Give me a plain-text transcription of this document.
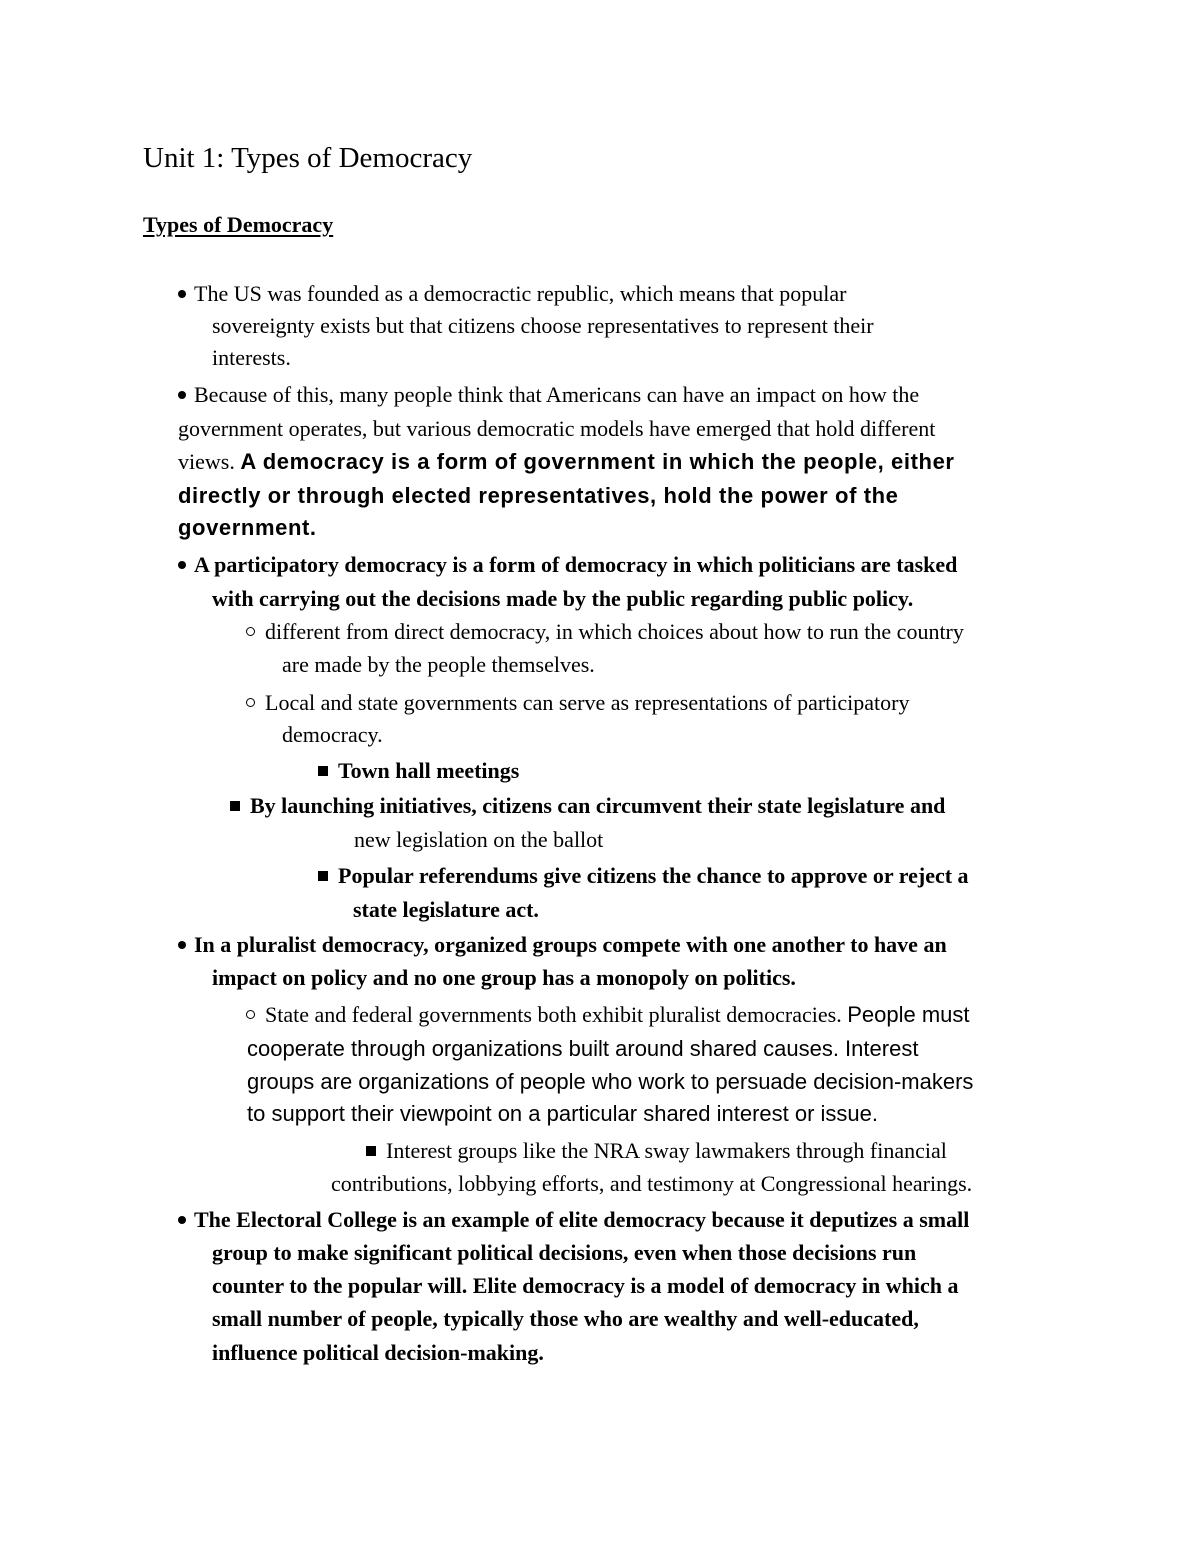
Unit 1: Types of Democracy
Types of Democracy
The US was founded as a democractic republic, which means that popular
sovereignty exists but that citizens choose representatives to represent their
interests.
Because of this, many people think that Americans can have an impact on how the
government operates, but various democratic models have emerged that hold different
views. A democracy is a form of government in which the people, either
directly or through elected representatives, hold the power of the
government.
A participatory democracy is a form of democracy in which politicians are tasked
with carrying out the decisions made by the public regarding public policy.
different from direct democracy, in which choices about how to run the country
are made by the people themselves.
Local and state governments can serve as representations of participatory
democracy.
Town hall meetings
By launching initiatives, citizens can circumvent their state legislature and
new legislation on the ballot
Popular referendums give citizens the chance to approve or reject a
state legislature act.
In a pluralist democracy, organized groups compete with one another to have an
impact on policy and no one group has a monopoly on politics.
State and federal governments both exhibit pluralist democracies. People must
cooperate through organizations built around shared causes. Interest
groups are organizations of people who work to persuade decision-makers
to support their viewpoint on a particular shared interest or issue.
Interest groups like the NRA sway lawmakers through financial
contributions, lobbying efforts, and testimony at Congressional hearings.
The Electoral College is an example of elite democracy because it deputizes a small
group to make significant political decisions, even when those decisions run
counter to the popular will. Elite democracy is a model of democracy in which a
small number of people, typically those who are wealthy and well-educated,
influence political decision-making.
